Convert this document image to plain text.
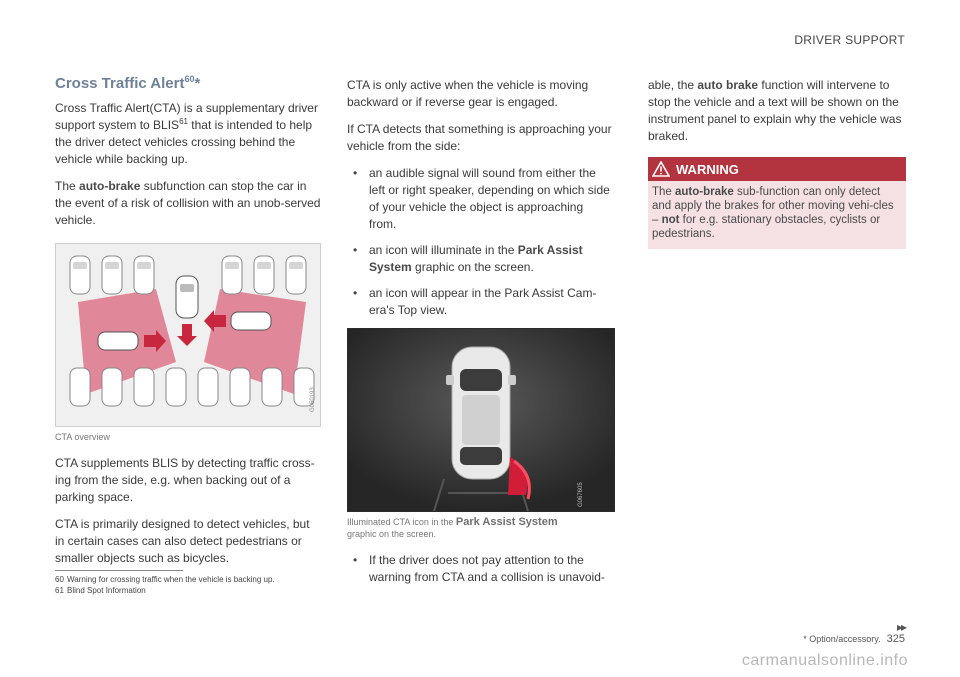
DRIVER SUPPORT
Cross Traffic Alert$^{60}$*

Cross Traffic Alert(CTA) is a supplementary driver support system to BLIS$^{61}$ that is intended to help the driver detect vehicles crossing behind the vehicle while backing up.

The auto-brake subfunction can stop the car in the event of a risk of collision with an unob-served vehicle.

G050193
CTA overview

CTA supplements BLIS by detecting traffic cross-ing from the side, e.g. when backing out of a parking space.

CTA is primarily designed to detect vehicles, but in certain cases can also detect pedestrians or smaller objects such as bicycles.

CTA is only active when the vehicle is moving backward or if reverse gear is engaged.

If CTA detects that something is approaching your vehicle from the side:

• an audible signal will sound from either the left or right speaker, depending on which side of your vehicle the object is approaching from.
• an icon will illuminate in the Park Assist System graphic on the screen.
• an icon will appear in the Park Assist Cam-era's Top view.
G067605
Illuminated CTA icon in the Park Assist System
graphic on the screen.
• If the driver does not pay attention to the warning from CTA and a collision is unavoid-

able, the auto brake function will intervene to stop the vehicle and a text will be shown on the instrument panel to explain why the vehicle was braked.

WARNING
The auto-brake sub-function can only detect and apply the brakes for other moving vehi-cles – not for e.g. stationary obstacles, cyclists or pedestrians.
60 Warning for crossing traffic when the vehicle is backing up.
61 Blind Spot Information
▸▸
* Option/accessory. 325
carmanualsonline.info
